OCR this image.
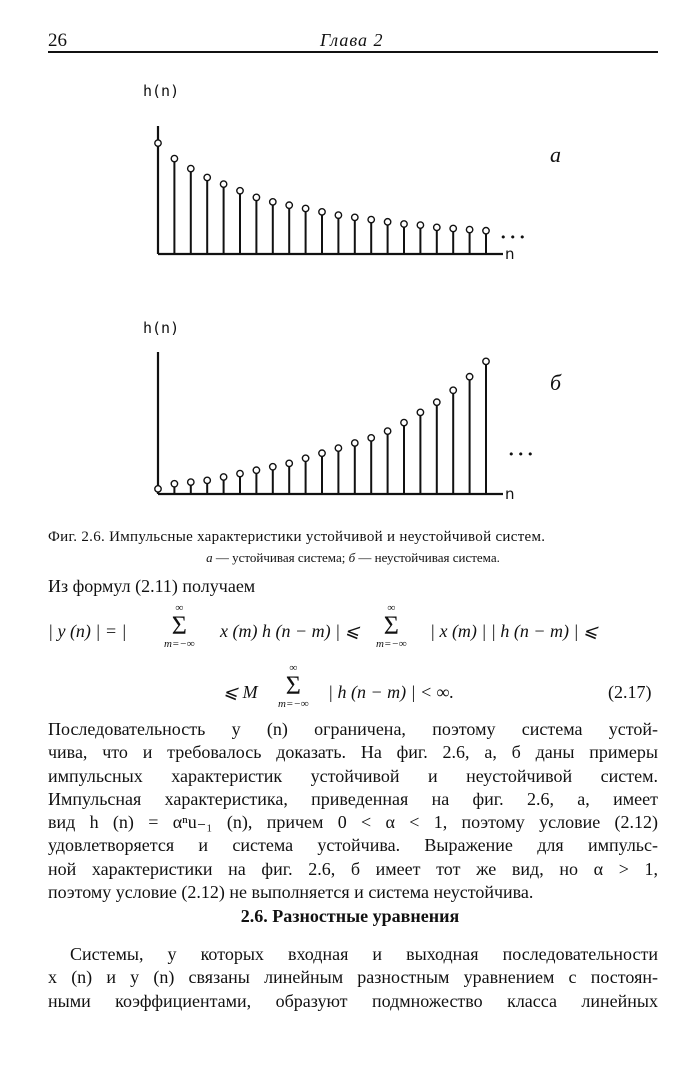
26	Глава 2
h(n)
n
а
•••
h(n)
n
б
•••
Фиг. 2.6. Импульсные характеристики устойчивой и неустойчивой систем.
а — устойчивая система; б — неустойчивая система.
Из формул (2.11) получаем
| y (n) | = |
∞
Σ
m=−∞
x (m) h (n − m) | ⩽
∞
Σ
m=−∞
| x (m) | | h (n − m) | ⩽
⩽ M
∞
Σ
m=−∞
| h (n − m) | < ∞.	(2.17)
Последовательность y (n) ограничена, поэтому система устой-
чива, что и требовалось доказать. На фиг. 2.6, а, б даны примеры
импульсных характеристик устойчивой и неустойчивой систем.
Импульсная характеристика, приведенная на фиг. 2.6, а, имеет
вид h (n) = αⁿu₋₁ (n), причем 0 < α < 1, поэтому условие (2.12)
удовлетворяется и система устойчива. Выражение для импульс-
ной характеристики на фиг. 2.6, б имеет тот же вид, но α > 1,
поэтому условие (2.12) не выполняется и система неустойчива.
2.6. Разностные уравнения
Системы, у которых входная и выходная последовательности
x (n) и y (n) связаны линейным разностным уравнением с постоян-
ными коэффициентами, образуют подмножество класса линейных
